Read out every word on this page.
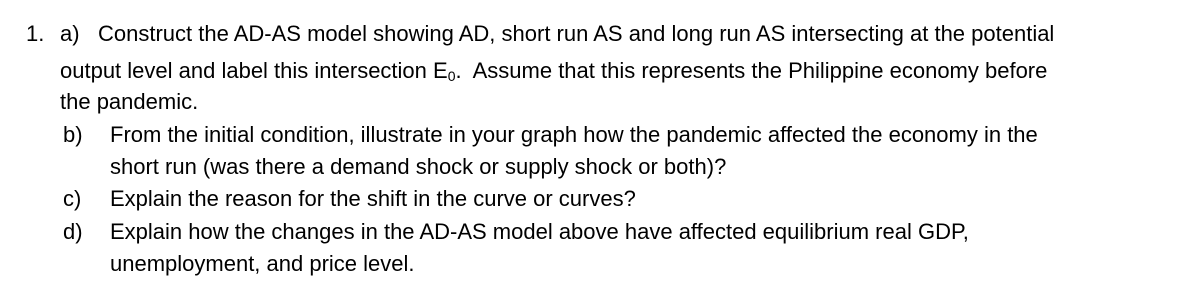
1. a) Construct the AD-AS model showing AD, short run AS and long run AS intersecting at the potential
output level and label this intersection E0.  Assume that this represents the Philippine economy before
the pandemic.
b) From the initial condition, illustrate in your graph how the pandemic affected the economy in the
short run (was there a demand shock or supply shock or both)?
c) Explain the reason for the shift in the curve or curves?
d) Explain how the changes in the AD-AS model above have affected equilibrium real GDP,
unemployment, and price level.
